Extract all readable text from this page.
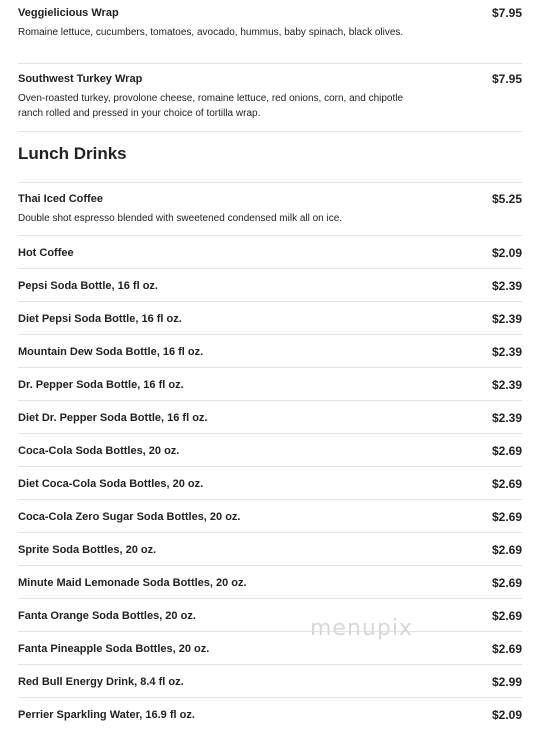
Veggielicious Wrap	$7.95
Romaine lettuce, cucumbers, tomatoes, avocado, hummus, baby spinach, black olives.
Southwest Turkey Wrap	$7.95
Oven-roasted turkey, provolone cheese, romaine lettuce, red onions, corn, and chipotle ranch rolled and pressed in your choice of tortilla wrap.
Lunch Drinks
Thai Iced Coffee	$5.25
Double shot espresso blended with sweetened condensed milk all on ice.
Hot Coffee	$2.09
Pepsi Soda Bottle, 16 fl oz.	$2.39
Diet Pepsi Soda Bottle, 16 fl oz.	$2.39
Mountain Dew Soda Bottle, 16 fl oz.	$2.39
Dr. Pepper Soda Bottle, 16 fl oz.	$2.39
Diet Dr. Pepper Soda Bottle, 16 fl oz.	$2.39
Coca-Cola Soda Bottles, 20 oz.	$2.69
Diet Coca-Cola Soda Bottles, 20 oz.	$2.69
Coca-Cola Zero Sugar Soda Bottles, 20 oz.	$2.69
Sprite Soda Bottles, 20 oz.	$2.69
Minute Maid Lemonade Soda Bottles, 20 oz.	$2.69
Fanta Orange Soda Bottles, 20 oz.	$2.69
Fanta Pineapple Soda Bottles, 20 oz.	$2.69
Red Bull Energy Drink, 8.4 fl oz.	$2.99
Perrier Sparkling Water, 16.9 fl oz.	$2.09
menupix
